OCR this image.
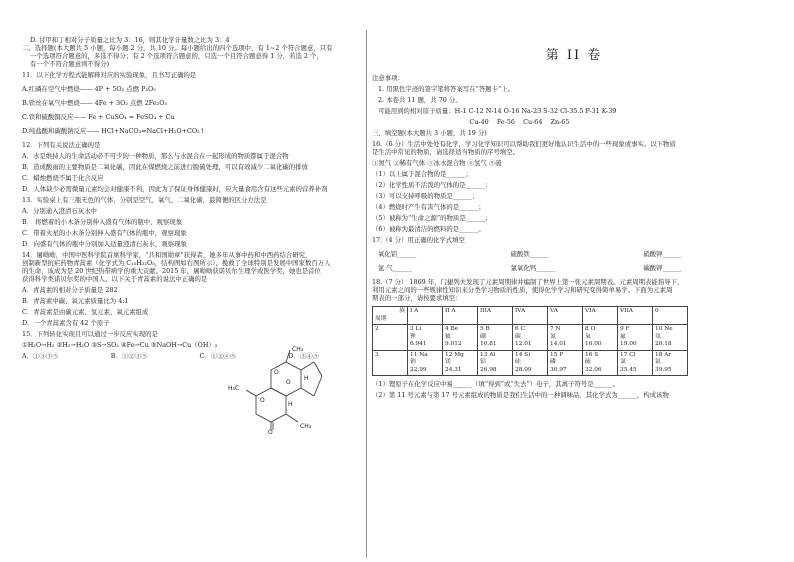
D. 甘甲和丁相对分子质量之比为 3：16，则其化学计量数之比为 3：4
二、选择题(本大题共 5 小题，每小题 2 分，共 10 分。每小题给出的四个选项中，有 1~2 个符合题意，只有
一个选项符合题意的，多选不得分；有 2 个选项符合题意的，只选一个且符合题意得 1 分，若选 2 个，
有一个不符合题意则不得分)
11．以下化学方程式能解释对应的实验现象，且书写正确的是
A.红磷在空气中燃烧—— 4P + 5O₂ 点燃 P₂O₅
B.铁丝在氧气中燃烧—— 4Fe + 3O₂ 点燃 2Fe₂O₃
C.铁和硫酸铜反应—— Fe + CuSO₄ = FeSO₄ + Cu
D.纯盐酸和碳酸钠反应—— HCl+NaCO₃=NaCl+H₂O+CO₂↑
12．下列有关说法正确的是
A．水是维持人的生命活动必不可少的一种物质，那么与水混合在一起形成的物质都属于混合物
B．造成酸雨的主要物质是二氧化碳，因此在煤燃烧之前进行脱硫处理，可以有效减少二氧化碳的排放
C．蜡烛燃烧不属于化合反应
D．人体缺少必需微量元素均会对健康不利，因此为了保证身体健康时，应大量食用含有这些元素的营养补剂
13．实验桌上有三瓶无色的气体，分别是空气、氧气、二氧化碳，最简便的区分方法是
A．分别通入澄清石灰水中
B． 将燃着的小木条分别伸入盛有气体的瓶中，观察现象
C．带着火星的小木条分别伸入盛有气体的瓶中，观察现象
D．向盛有气体的瓶中分别加入适量澄清石灰水，观察现象
14．屠呦呦，中国中医科学院首席科学家，“共和国勋章”获得者，她多年从事中药和中西药结合研究，
创制新型抗疟药物青蒿素（化学式为 C₁₅H₂₂O₅，结构图如右图所示），挽救了全球特别是发展中国家数百万人
的生命，该成为是 20 世纪热带病学的重大贡献。2015 年，屠呦呦获诺贝尔生理学或医学奖，她也是首位
获得科学类诺贝尔奖的中国人。以下关于青蒿素的说法中正确的是
A．青蒿素的相对分子质量是 282
B．青蒿素中碳、氧元素质量比为 4:1
C．青蒿素是由碳元素、氢元素、氧元素组成
D．一个青蒿素含有 42 个原子
15．下列转化实现且可以通过一步反应实现的是
①H₂O→H₂ ②H₂→H₂O ③S→SO₂ ④Fe→Cu ⑤NaOH→Cu（OH）₂
A．①③③⑤	B．①②③⑤	C．①②④⑤	D．③④⑤
CH₃
H₃C
O
O
O
H
H
O
CH₃
第 II 卷
注意事项：
1. 用黑色字迹的签字笔将答案写在“答题卡”上。
2. 本卷共 11 题，共 70 分。
可能用到的相对原子质量：H-1 C-12 N-14 O-16 Na-23 S-32 Cl-35.5 P-31 K-39
Cu-40    Fe-56    Cu-64    Zn-65
三、填空题(本大题共 3 小题，共 19 分)
16.（6 分）生活中处处有化学，学习化学知识可以帮助我们更好地认识生活中的一些现象或事实。以下物质
是生活中常见的物质，请选择适当物质的序号填空。
①氮气 ②稀有气体 ③冰水混合物 ④氢气 ⑤硫
（1）以上属于混合物的是______；
（2）化学性质不活泼的气体的是______；
（3）可以支持呼吸的物质是______；
（4）燃烧时产生有害气体的是______；
（5）被称为“生命之源”的物质是______；
（6）被称为最清洁的燃料的是______。
17.（4 分）用正确的化学式填空
氧化铝______	硫酸铁______	硝酸钾______
氩 气______	氯氧化钙______	碳酸钾______
18.（7 分） 1869 年，门捷列夫发现了元素周期律并编制了世界上第一张元素周期表。元素周期表能指导下，
利用元素之间的一些规律性知识来分类学习物质的性质，使得化学学习和研究变得简单易学。下面为元素周
期表的一部分，请按要求填空：
族
周期	I A	II A	IIIA	IVA	VA	VIA	VIIA	0
2	3 Li
锂
6.941	4 Be
铍
9.012	5 B
硼
10.81	6 C
碳
12.01	7 N
氮
14.01	8 O
氧
16.00	9 F
氟
19.00	10 Ne
氖
20.18

3	11 Na
钠
22.99	12 Mg
镁
24.31	13 Al
铝
26.98	14 Si
硅
28.09	15 P
磷
30.97	16 S
硫
32.06	17 Cl
氯
35.45	18 Ar
氩
39.95
（1）锂原子在化学反应中易______（填“得到”或“失去”）电子，其离子符号是______。
（2）第 11 号元素与第 17 号元素组成的物质是我们生活中的一种调味品，其化学式为______，构成该物
